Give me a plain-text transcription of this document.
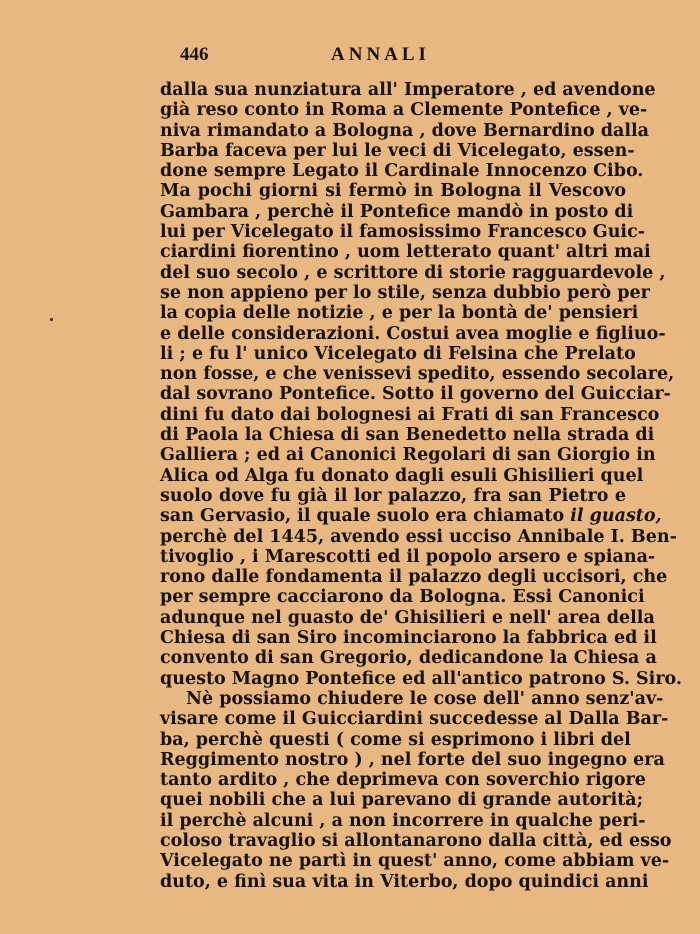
446	ANNALI
dalla sua nunziatura all' Imperatore , ed avendone
già reso conto in Roma a Clemente Pontefice , ve-
niva rimandato a Bologna , dove Bernardino dalla
Barba faceva per lui le veci di Vicelegato, essen-
done sempre Legato il Cardinale Innocenzo Cibo.
Ma pochi giorni si fermò in Bologna il Vescovo
Gambara , perchè il Pontefice mandò in posto di
lui per Vicelegato il famosissimo Francesco Guic-
ciardini fiorentino , uom letterato quant' altri mai
del suo secolo , e scrittore di storie ragguardevole ,
se non appieno per lo stile, senza dubbio però per
la copia delle notizie , e per la bontà de' pensieri
e delle considerazioni. Costui avea moglie e figliuo-
li ; e fu l' unico Vicelegato di Felsina che Prelato
non fosse, e che venissevi spedito, essendo secolare,
dal sovrano Pontefice. Sotto il governo del Guicciar-
dini fu dato dai bolognesi ai Frati di san Francesco
di Paola la Chiesa di san Benedetto nella strada di
Galliera ; ed ai Canonici Regolari di san Giorgio in
Alica od Alga fu donato dagli esuli Ghisilieri quel
suolo dove fu già il lor palazzo, fra san Pietro e
san Gervasio, il quale suolo era chiamato il guasto,
perchè del 1445, avendo essi ucciso Annibale I. Ben-
tivoglio , i Marescotti ed il popolo arsero e spiana-
rono dalle fondamenta il palazzo degli uccisori, che
per sempre cacciarono da Bologna. Essi Canonici
adunque nel guasto de' Ghisilieri e nell' area della
Chiesa di san Siro incominciarono la fabbrica ed il
convento di san Gregorio, dedicandone la Chiesa a
questo Magno Pontefice ed all'antico patrono S. Siro.
Nè possiamo chiudere le cose dell' anno senz'av-
visare come il Guicciardini succedesse al Dalla Bar-
ba, perchè questi ( come si esprimono i libri del
Reggimento nostro ) , nel forte del suo ingegno era
tanto ardito , che deprimeva con soverchio rigore
quei nobili che a lui parevano di grande autorità;
il perchè alcuni , a non incorrere in qualche peri-
coloso travaglio si allontanarono dalla città, ed esso
Vicelegato ne partì in quest' anno, come abbiam ve-
duto, e finì sua vita in Viterbo, dopo quindici anni
